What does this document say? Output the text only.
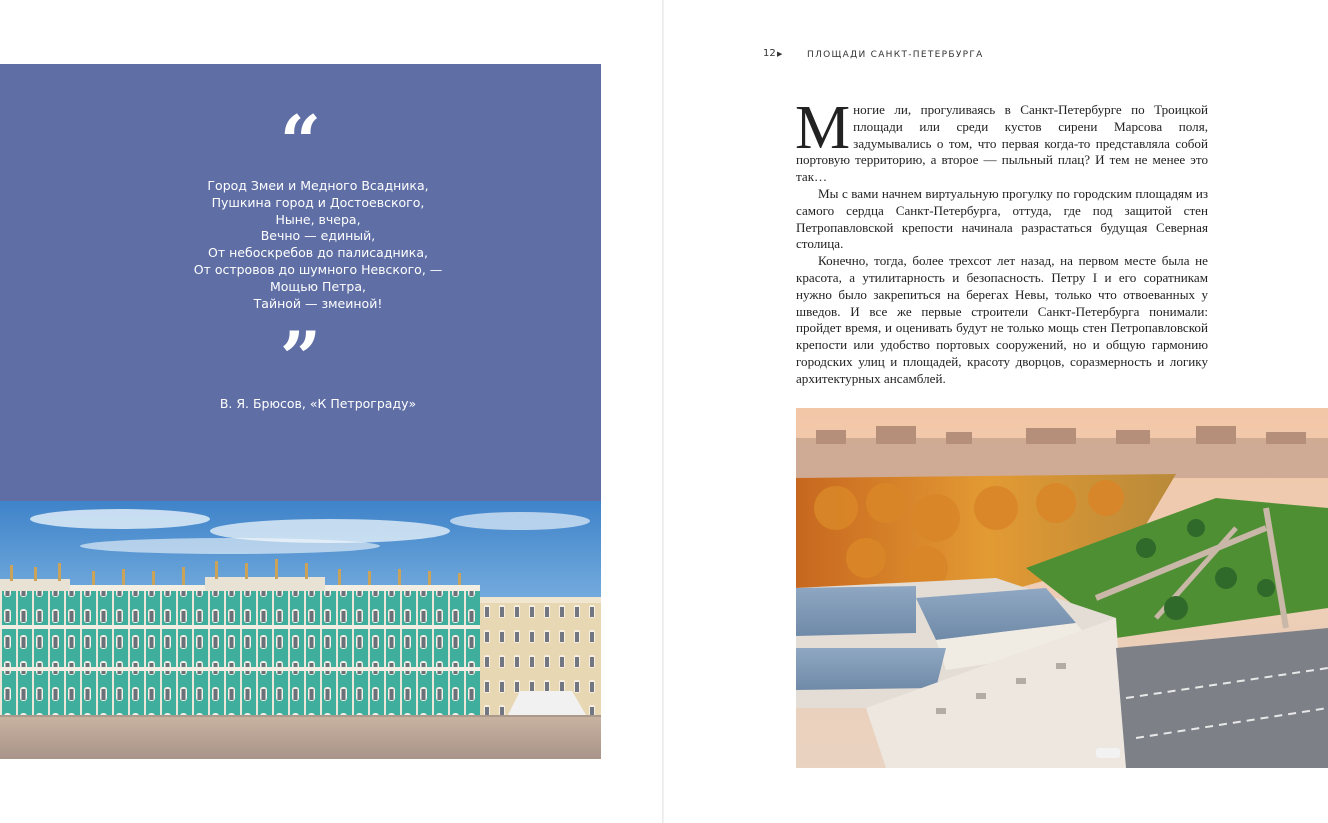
“
Город Змеи и Медного Всадника,
Пушкина город и Достоевского,
Ныне, вчера,
Вечно — единый,
От небоскребов до палисадника,
От островов до шумного Невского, —
Мощью Петра,
Тайной — змеиной!
”
В. Я. Брюсов, «К Петрограду»
12 ▶	ПЛОЩАДИ САНКТ-ПЕТЕРБУРГА

Многие ли, прогуливаясь в Санкт-Петербурге по Троицкой площади или среди кустов сирени Марсова поля, задумывались о том, что первая когда-то представляла собой портовую территорию, а второе — пыльный плац? И тем не менее это так…

Мы с вами начнем виртуальную прогулку по городским площадям из самого сердца Санкт-Петербурга, оттуда, где под защитой стен Петропавловской крепости начинала разрастаться будущая Северная столица.

Конечно, тогда, более трехсот лет назад, на первом месте была не красота, а утилитарность и безопасность. Петру I и его соратникам нужно было закрепиться на берегах Невы, только что отвоеванных у шведов. И все же первые строители Санкт-Петербурга понимали: пройдет время, и оценивать будут не только мощь стен Петропавловской крепости или удобство портовых сооружений, но и общую гармонию городских улиц и площадей, красоту дворцов, соразмерность и логику архитектурных ансамблей.
